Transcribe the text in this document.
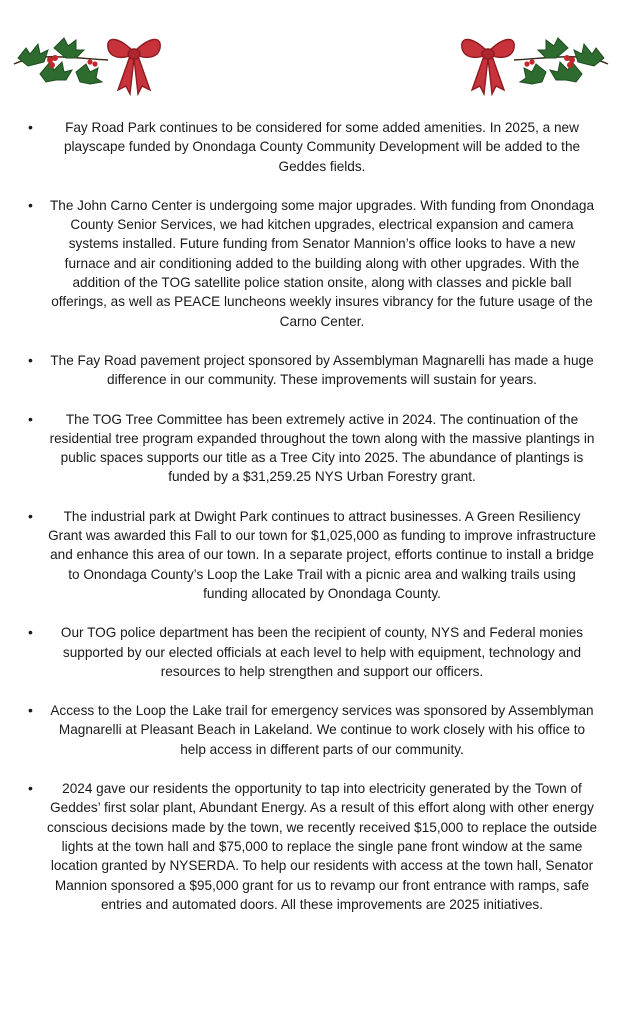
• Fay Road Park continues to be considered for some added amenities. In 2025, a new playscape funded by Onondaga County Community Development will be added to the Geddes fields.
• The John Carno Center is undergoing some major upgrades. With funding from Onondaga County Senior Services, we had kitchen upgrades, electrical expansion and camera systems installed. Future funding from Senator Mannion’s office looks to have a new furnace and air conditioning added to the building along with other upgrades. With the addition of the TOG satellite police station onsite, along with classes and pickle ball offerings, as well as PEACE luncheons weekly insures vibrancy for the future usage of the Carno Center.
• The Fay Road pavement project sponsored by Assemblyman Magnarelli has made a huge difference in our community. These improvements will sustain for years.
• The TOG Tree Committee has been extremely active in 2024. The continuation of the residential tree program expanded throughout the town along with the massive plantings in public spaces supports our title as a Tree City into 2025. The abundance of plantings is funded by a $31,259.25 NYS Urban Forestry grant.
• The industrial park at Dwight Park continues to attract businesses. A Green Resiliency Grant was awarded this Fall to our town for $1,025,000 as funding to improve infrastructure and enhance this area of our town. In a separate project, efforts continue to install a bridge to Onondaga County’s Loop the Lake Trail with a picnic area and walking trails using funding allocated by Onondaga County.
• Our TOG police department has been the recipient of county, NYS and Federal monies supported by our elected officials at each level to help with equipment, technology and resources to help strengthen and support our officers.
• Access to the Loop the Lake trail for emergency services was sponsored by Assemblyman Magnarelli at Pleasant Beach in Lakeland. We continue to work closely with his office to help access in different parts of our community.
• 2024 gave our residents the opportunity to tap into electricity generated by the Town of Geddes’ first solar plant, Abundant Energy. As a result of this effort along with other energy conscious decisions made by the town, we recently received $15,000 to replace the outside lights at the town hall and $75,000 to replace the single pane front window at the same location granted by NYSERDA. To help our residents with access at the town hall, Senator Mannion sponsored a $95,000 grant for us to revamp our front entrance with ramps, safe entries and automated doors. All these improvements are 2025 initiatives.
